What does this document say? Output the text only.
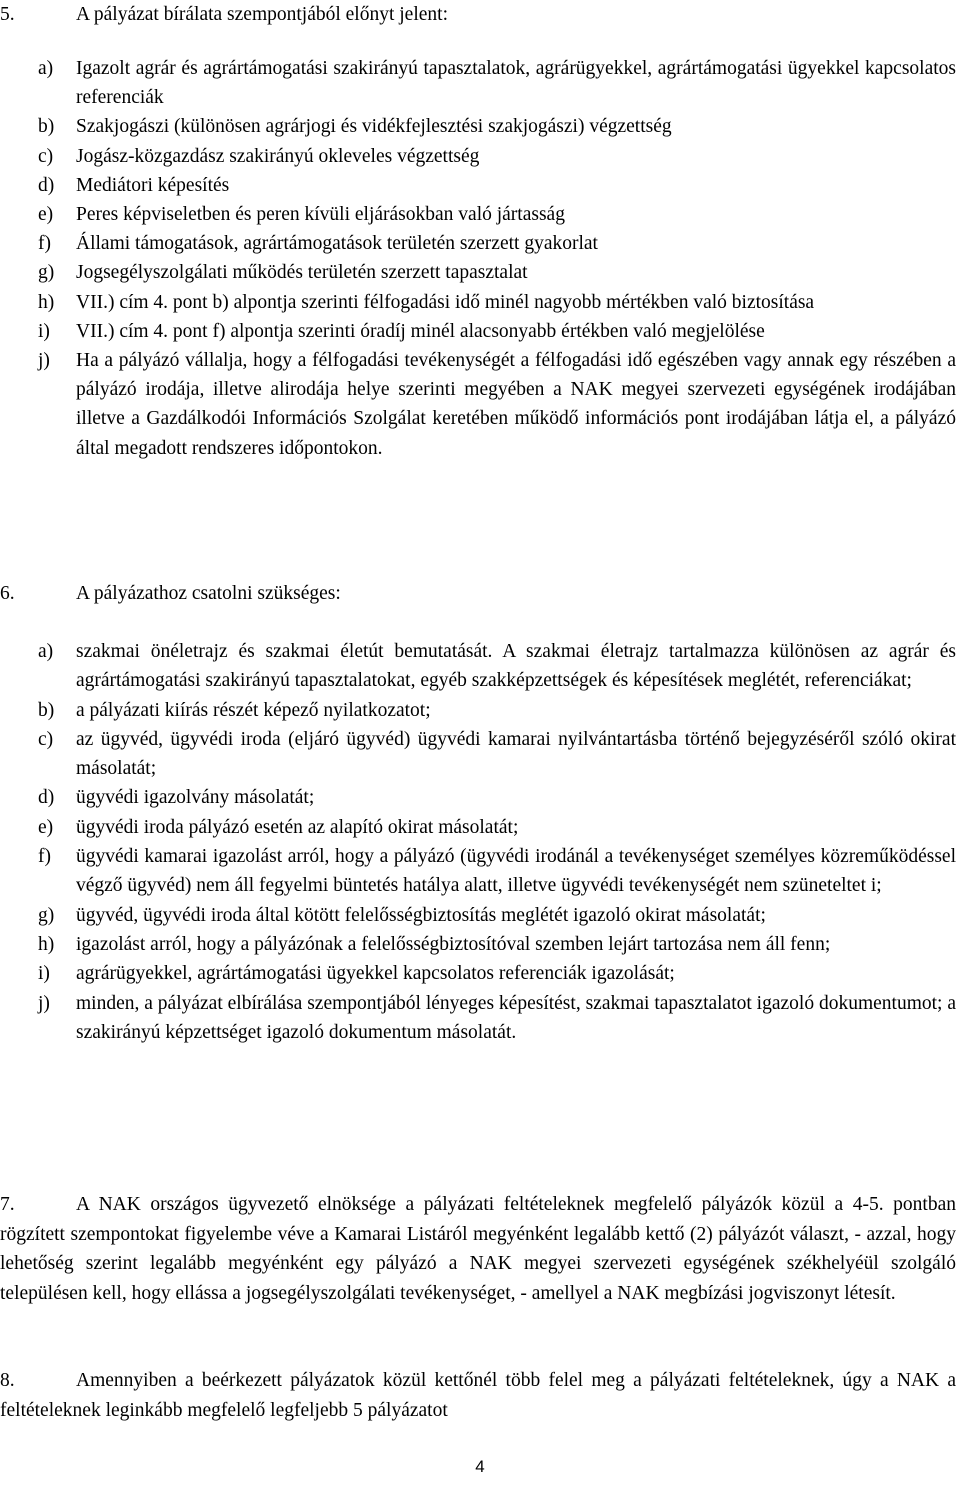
5.	A pályázat bírálata szempontjából előnyt jelent:
a) Igazolt agrár és agrártámogatási szakirányú tapasztalatok, agrárügyekkel, agrártámogatási ügyekkel kapcsolatos referenciák
b) Szakjogászi (különösen agrárjogi és vidékfejlesztési szakjogászi) végzettség
c) Jogász-közgazdász szakirányú okleveles végzettség
d) Mediátori képesítés
e) Peres képviseletben és peren kívüli eljárásokban való jártasság
f) Állami támogatások, agrártámogatások területén szerzett gyakorlat
g) Jogsegélyszolgálati működés területén szerzett tapasztalat
h) VII.) cím 4. pont b) alpontja szerinti félfogadási idő minél nagyobb mértékben való biztosítása
i) VII.) cím 4. pont f) alpontja szerinti óradíj minél alacsonyabb értékben való megjelölése
j) Ha a pályázó vállalja, hogy a félfogadási tevékenységét a félfogadási idő egészében vagy annak egy részében a pályázó irodája, illetve alirodája helye szerinti megyében a NAK megyei szervezeti egységének irodájában illetve a Gazdálkodói Információs Szolgálat keretében működő információs pont irodájában látja el, a pályázó által megadott rendszeres időpontokon.
6.	A pályázathoz csatolni szükséges:
a) szakmai önéletrajz és szakmai életút bemutatását. A szakmai életrajz tartalmazza különösen az agrár és agrártámogatási szakirányú tapasztalatokat, egyéb szakképzettségek és képesítések meglétét, referenciákat;
b) a pályázati kiírás részét képező nyilatkozatot;
c) az ügyvéd, ügyvédi iroda (eljáró ügyvéd) ügyvédi kamarai nyilvántartásba történő bejegyzéséről szóló okirat másolatát;
d) ügyvédi igazolvány másolatát;
e) ügyvédi iroda pályázó esetén az alapító okirat másolatát;
f) ügyvédi kamarai igazolást arról, hogy a pályázó (ügyvédi irodánál a tevékenységet személyes közreműködéssel végző ügyvéd) nem áll fegyelmi büntetés hatálya alatt, illetve ügyvédi tevékenységét nem szüneteltet i;
g) ügyvéd, ügyvédi iroda által kötött felelősségbiztosítás meglétét igazoló okirat másolatát;
h) igazolást arról, hogy a pályázónak a felelősségbiztosítóval szemben lejárt tartozása nem áll fenn;
i) agrárügyekkel, agrártámogatási ügyekkel kapcsolatos referenciák igazolását;
j) minden, a pályázat elbírálása szempontjából lényeges képesítést, szakmai tapasztalatot igazoló dokumentumot; a szakirányú képzettséget igazoló dokumentum másolatát.
7.	A NAK országos ügyvezető elnöksége a pályázati feltételeknek megfelelő pályázók közül a 4-5. pontban rögzített szempontokat figyelembe véve a Kamarai Listáról megyénként legalább kettő (2) pályázót választ, - azzal, hogy lehetőség szerint legalább megyénként egy pályázó a NAK megyei szervezeti egységének székhelyéül szolgáló településen kell, hogy ellássa a jogsegélyszolgálati tevékenységet, - amellyel a NAK megbízási jogviszonyt létesít.
8.	Amennyiben a beérkezett pályázatok közül kettőnél több felel meg a pályázati feltételeknek, úgy a NAK a feltételeknek leginkább megfelelő legfeljebb 5 pályázatot
4
